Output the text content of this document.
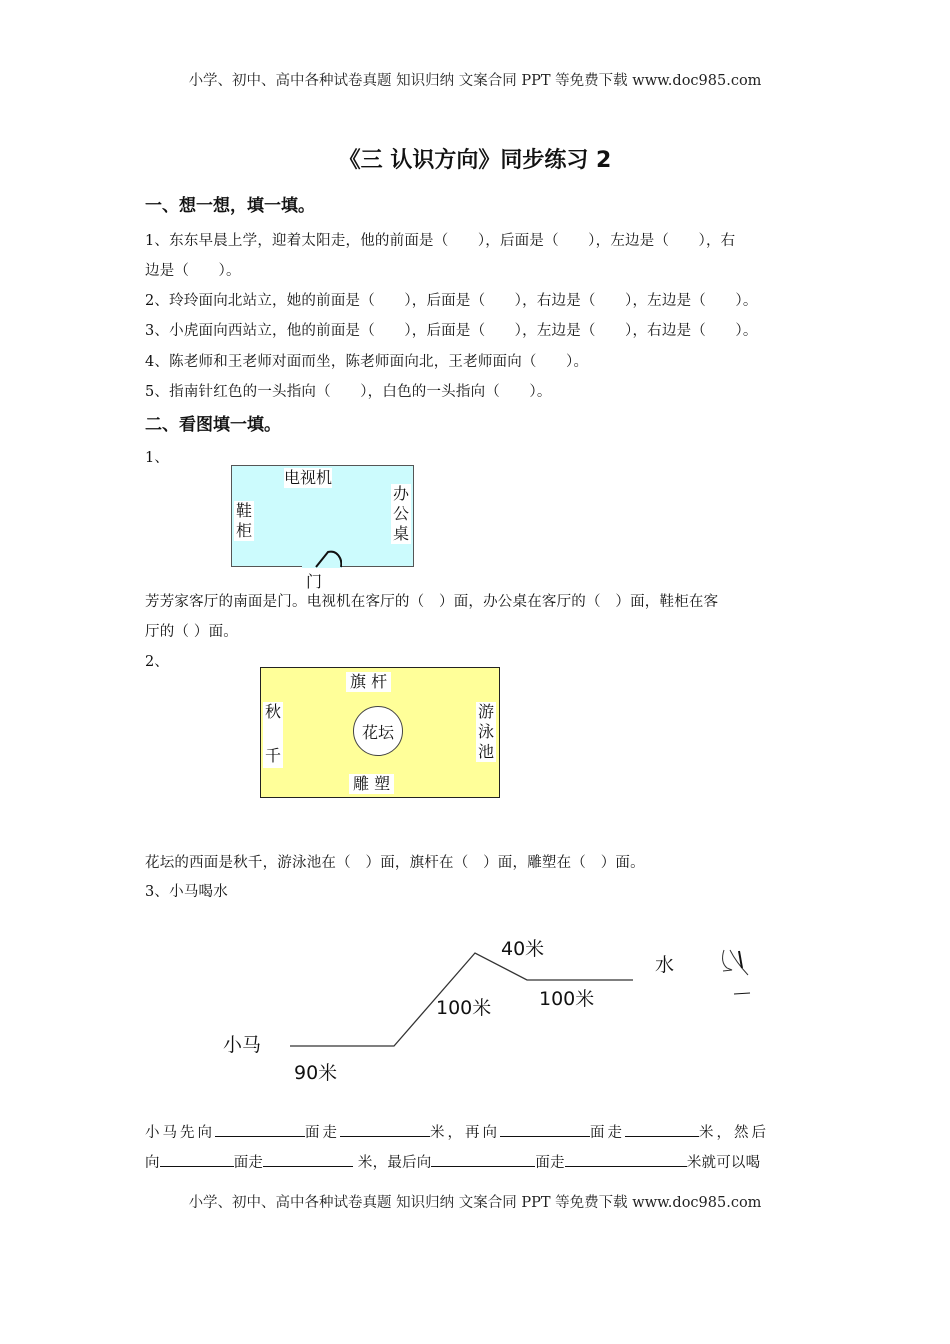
小学、初中、高中各种试卷真题 知识归纳 文案合同 PPT 等免费下载 www.doc985.com
《三 认识方向》同步练习 2
一、想一想，填一填。
1、东东早晨上学，迎着太阳走，他的前面是（　　），后面是（　　），左边是（　　），右
边是（　　）。
2、玲玲面向北站立，她的前面是（　　），后面是（　　），右边是（　　），左边是（　　）。
3、小虎面向西站立，他的前面是（　　），后面是（　　），左边是（　　），右边是（　　）。
4、陈老师和王老师对面而坐，陈老师面向北，王老师面向（　　）。
5、指南针红色的一头指向（　　），白色的一头指向（　　）。
二、看图填一填。
1、
电视机
鞋柜
办公桌
门
芳芳家客厅的南面是门。电视机在客厅的（　）面，办公桌在客厅的（　）面，鞋柜在客
厅的（ ）面。
2、
旗 杆
秋
千
游泳池
花坛
雕 塑
花坛的西面是秋千，游泳池在（　）面，旗杆在（　）面，雕塑在（　）面。
3、小马喝水
小马
90米
100米
40米
100米
水
小马先向	面走	米，再向	面走	米，然后
向	面走	米，最后向	面走	米就可以喝
小学、初中、高中各种试卷真题 知识归纳 文案合同 PPT 等免费下载 www.doc985.com
